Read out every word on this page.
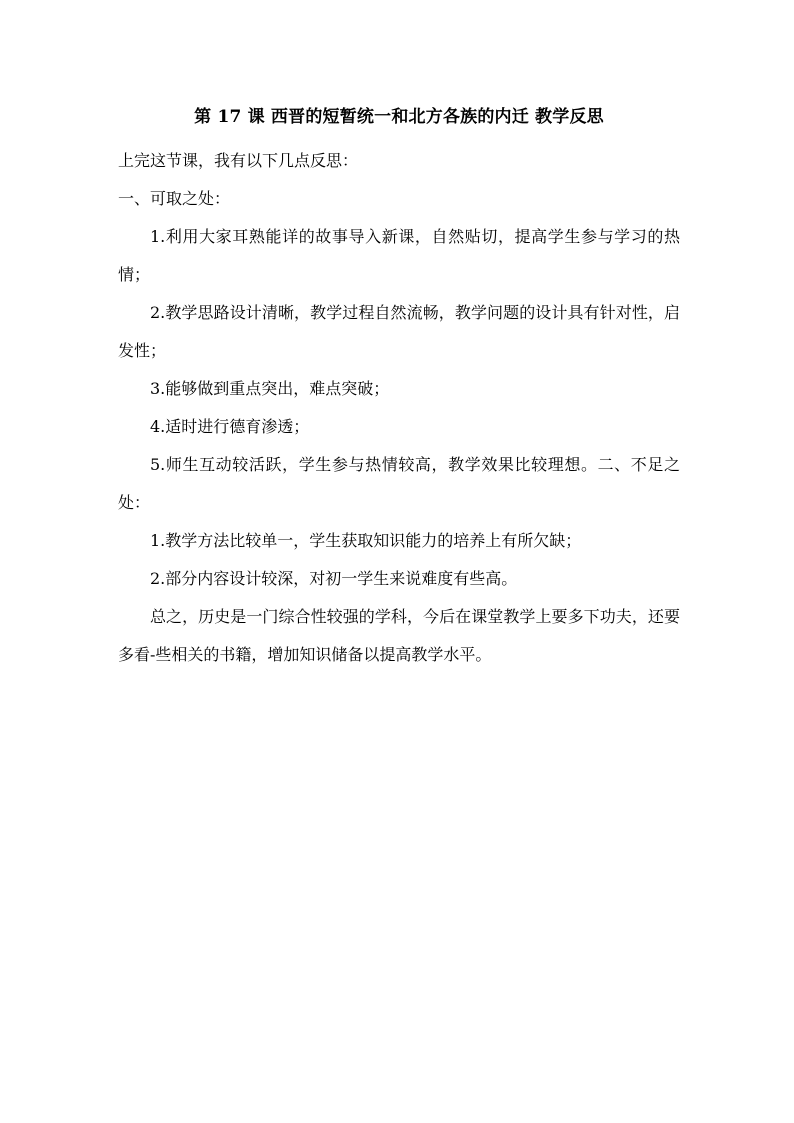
第 17 课 西晋的短暂统一和北方各族的内迁 教学反思

上完这节课，我有以下几点反思：

一、可取之处：

1.利用大家耳熟能详的故事导入新课，自然贴切，提高学生参与学习的热情；

2.教学思路设计清晰，教学过程自然流畅，教学问题的设计具有针对性，启发性；

3.能够做到重点突出，难点突破；

4.适时进行德育渗透；

5.师生互动较活跃，学生参与热情较高，教学效果比较理想。二、不足之处：

1.教学方法比较单一，学生获取知识能力的培养上有所欠缺；

2.部分内容设计较深，对初一学生来说难度有些高。

总之，历史是一门综合性较强的学科，今后在课堂教学上要多下功夫，还要多看-些相关的书籍，增加知识储备以提高教学水平。
